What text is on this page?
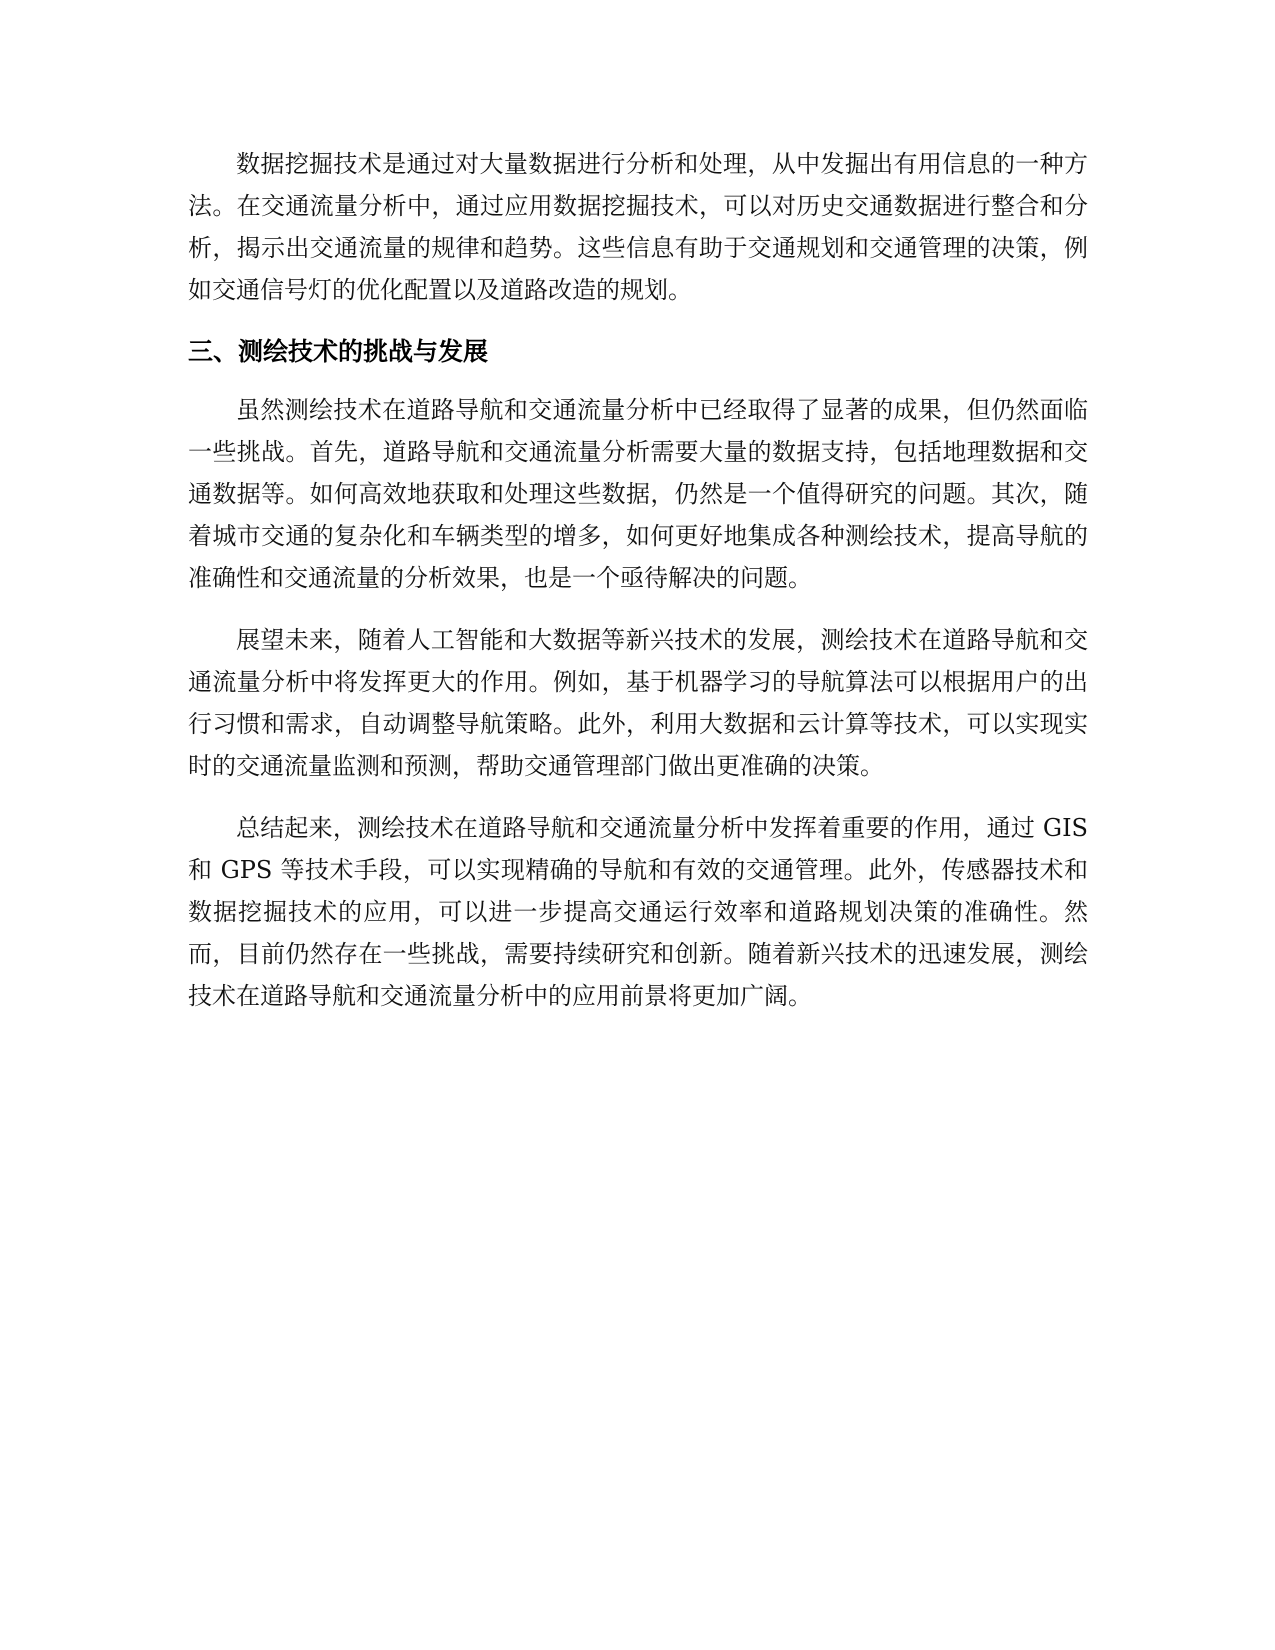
数据挖掘技术是通过对大量数据进行分析和处理，从中发掘出有用信息的一种方法。在交通流量分析中，通过应用数据挖掘技术，可以对历史交通数据进行整合和分析，揭示出交通流量的规律和趋势。这些信息有助于交通规划和交通管理的决策，例如交通信号灯的优化配置以及道路改造的规划。

三、测绘技术的挑战与发展

虽然测绘技术在道路导航和交通流量分析中已经取得了显著的成果，但仍然面临一些挑战。首先，道路导航和交通流量分析需要大量的数据支持，包括地理数据和交通数据等。如何高效地获取和处理这些数据，仍然是一个值得研究的问题。其次，随着城市交通的复杂化和车辆类型的增多，如何更好地集成各种测绘技术，提高导航的准确性和交通流量的分析效果，也是一个亟待解决的问题。

展望未来，随着人工智能和大数据等新兴技术的发展，测绘技术在道路导航和交通流量分析中将发挥更大的作用。例如，基于机器学习的导航算法可以根据用户的出行习惯和需求，自动调整导航策略。此外，利用大数据和云计算等技术，可以实现实时的交通流量监测和预测，帮助交通管理部门做出更准确的决策。

总结起来，测绘技术在道路导航和交通流量分析中发挥着重要的作用，通过 GIS 和 GPS 等技术手段，可以实现精确的导航和有效的交通管理。此外，传感器技术和数据挖掘技术的应用，可以进一步提高交通运行效率和道路规划决策的准确性。然而，目前仍然存在一些挑战，需要持续研究和创新。随着新兴技术的迅速发展，测绘技术在道路导航和交通流量分析中的应用前景将更加广阔。
